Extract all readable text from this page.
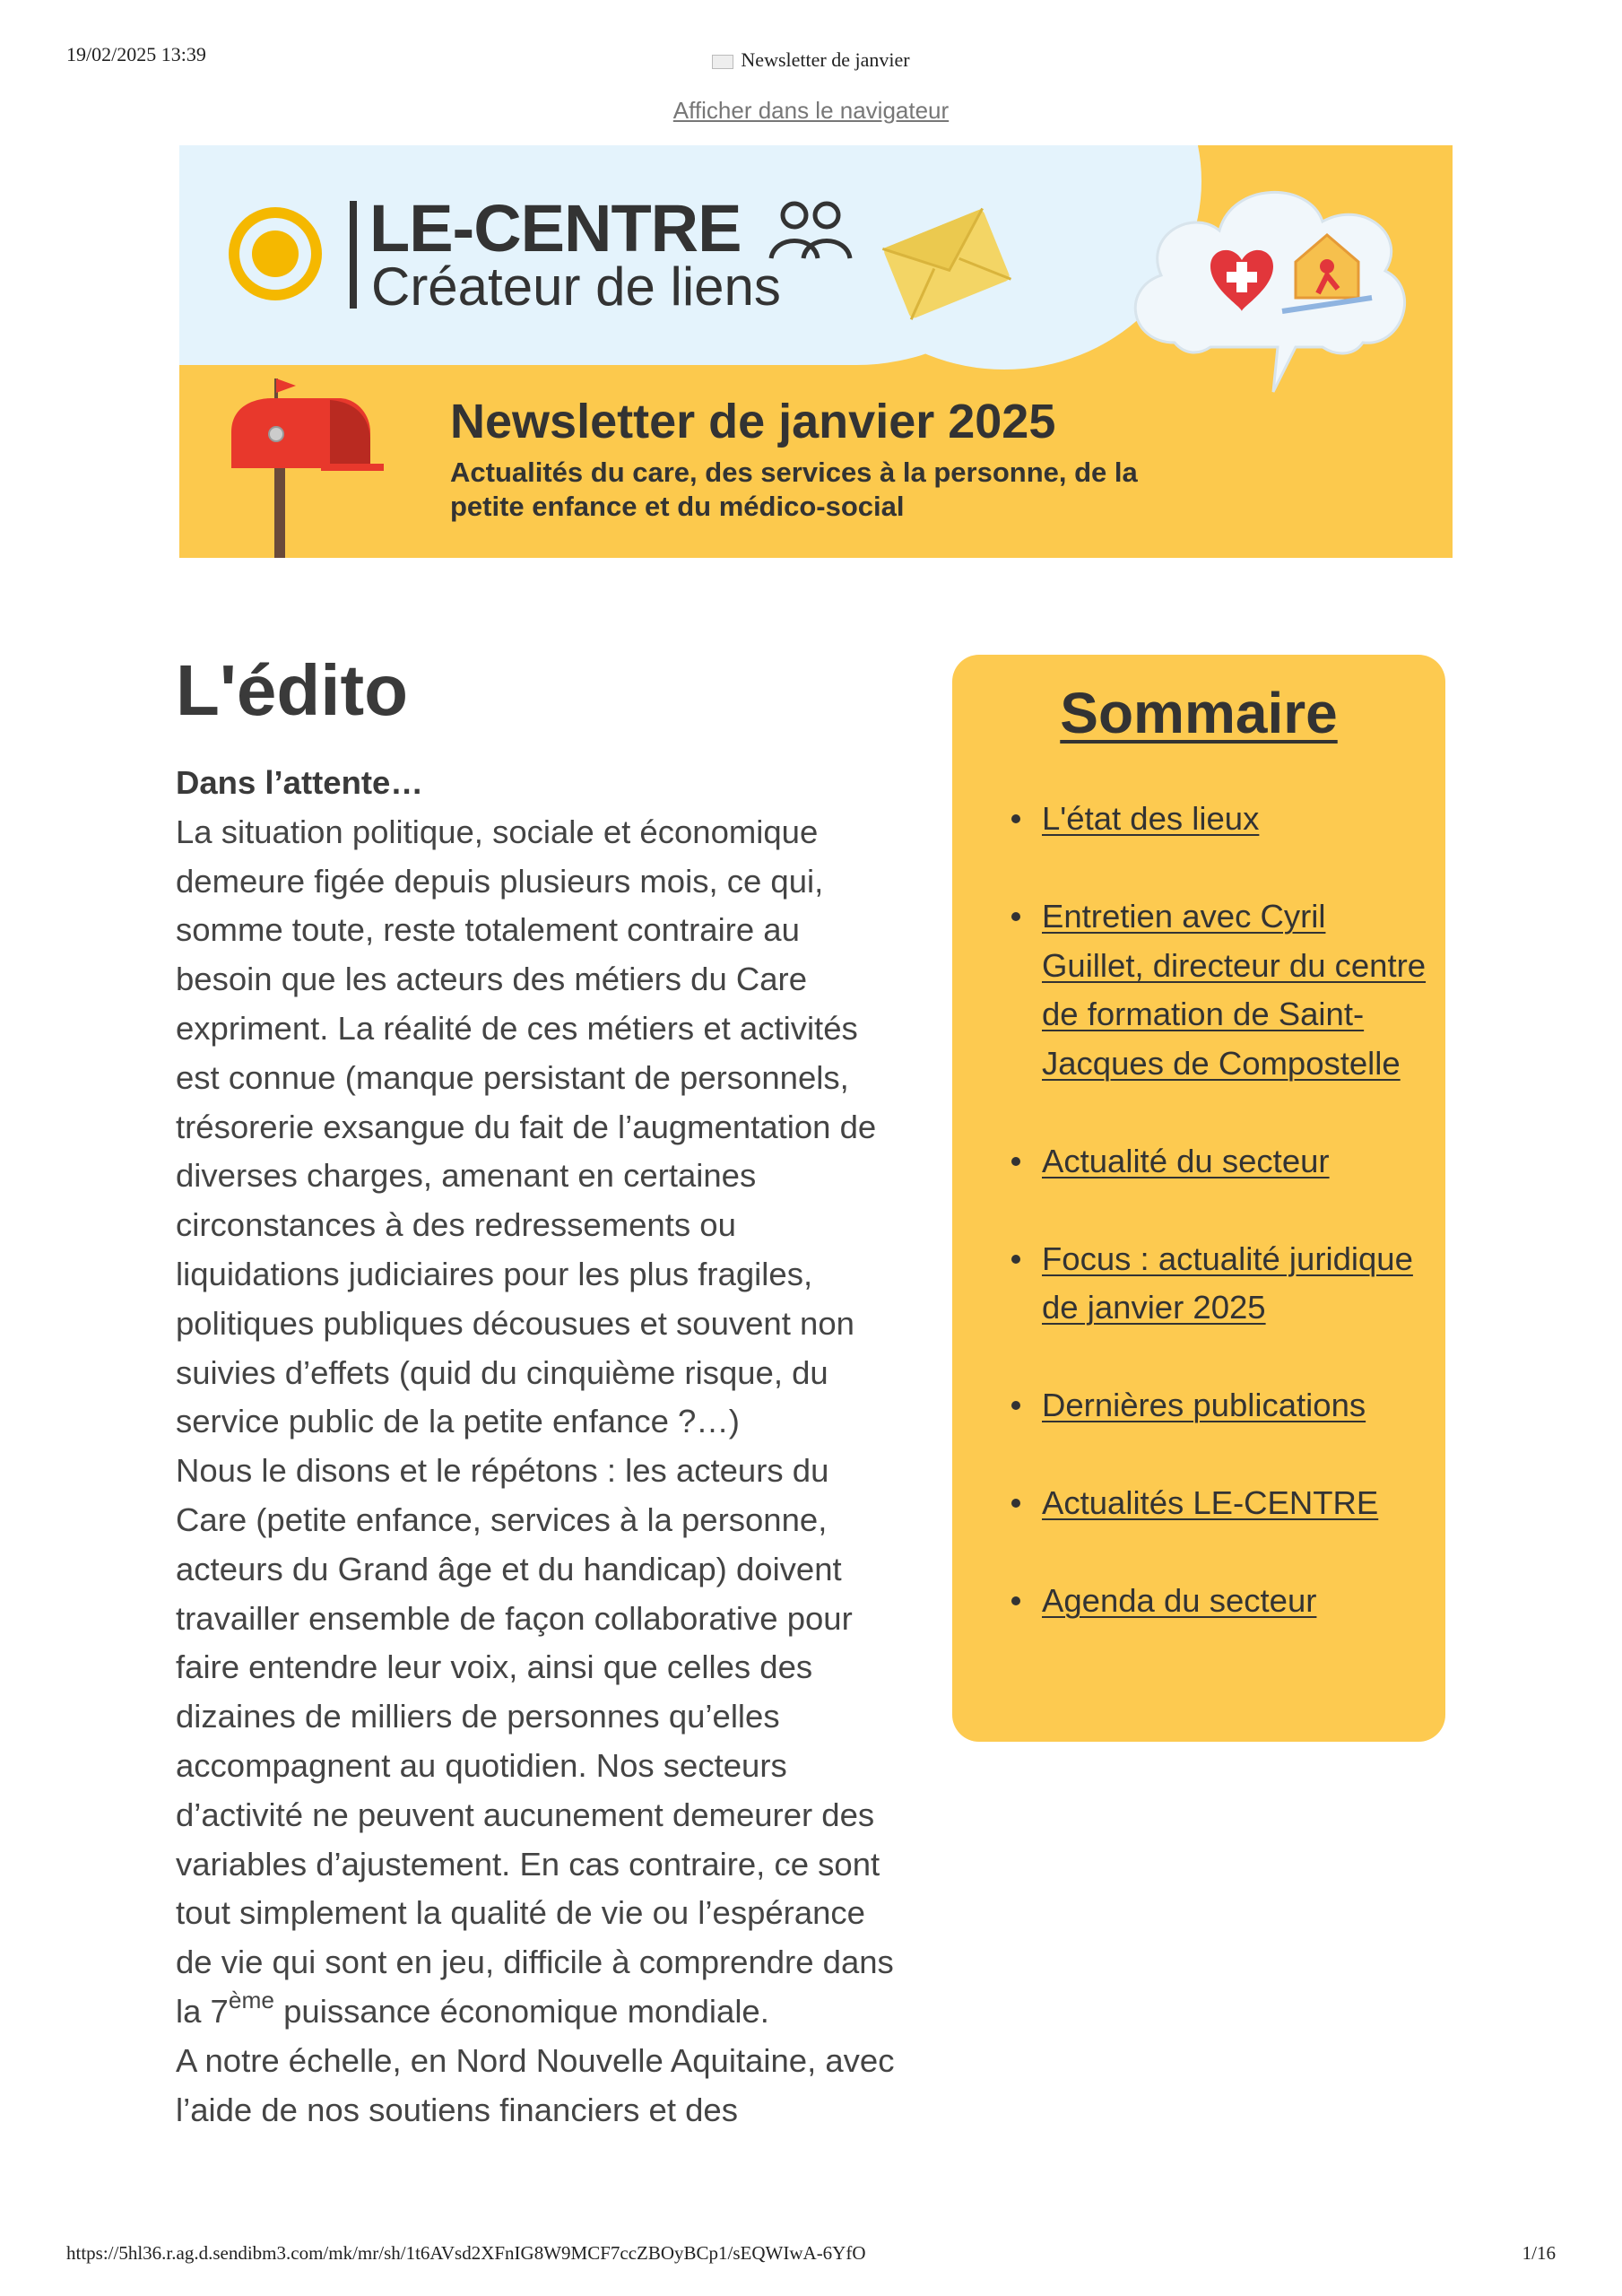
19/02/2025 13:39	Newsletter de janvier
Afficher dans le navigateur
LE-CENTRE
Créateur de liens
Newsletter de janvier 2025
Actualités du care, des services à la personne, de la petite enfance et du médico-social
L'édito

Dans l’attente…

La situation politique, sociale et économique demeure figée depuis plusieurs mois, ce qui, somme toute, reste totalement contraire au besoin que les acteurs des métiers du Care expriment. La réalité de ces métiers et activités est connue (manque persistant de personnels, trésorerie exsangue du fait de l’augmentation de diverses charges, amenant en certaines circonstances à des redressements ou liquidations judiciaires pour les plus fragiles, politiques publiques décousues et souvent non suivies d’effets (quid du cinquième risque, du service public de la petite enfance ?…)

Nous le disons et le répétons : les acteurs du Care (petite enfance, services à la personne, acteurs du Grand âge et du handicap) doivent travailler ensemble de façon collaborative pour faire entendre leur voix, ainsi que celles des dizaines de milliers de personnes qu’elles accompagnent au quotidien. Nos secteurs d’activité ne peuvent aucunement demeurer des variables d’ajustement. En cas contraire, ce sont tout simplement la qualité de vie ou l’espérance de vie qui sont en jeu, difficile à comprendre dans la 7ème puissance économique mondiale.

A notre échelle, en Nord Nouvelle Aquitaine, avec l’aide de nos soutiens financiers et des

Sommaire
L'état des lieux
Entretien avec Cyril Guillet, directeur du centre de formation de Saint-Jacques de Compostelle
Actualité du secteur
Focus : actualité juridique de janvier 2025
Dernières publications
Actualités LE-CENTRE
Agenda du secteur
https://5hl36.r.ag.d.sendibm3.com/mk/mr/sh/1t6AVsd2XFnIG8W9MCF7ccZBOyBCp1/sEQWIwA-6YfO	1/16
